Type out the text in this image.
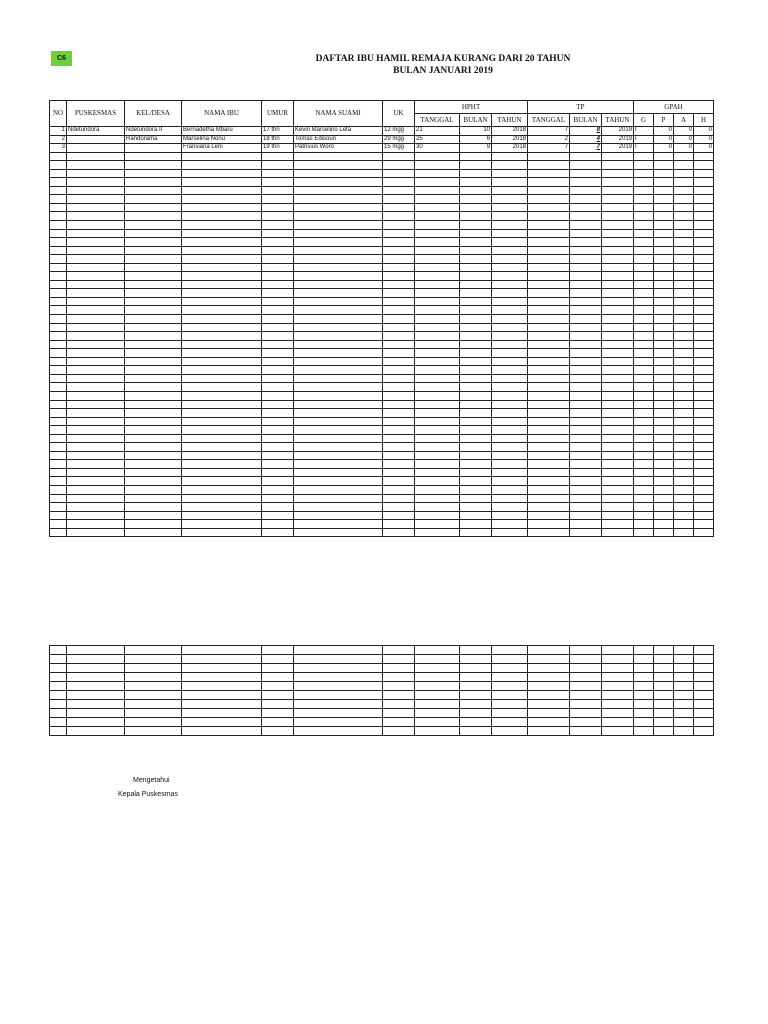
C6	DAFTAR IBU HAMIL REMAJA KURANG DARI 20 TAHUN
BULAN JANUARI 2019
NO	PUSKESMAS	KEL/DESA	NAMA IBU	UMUR	NAMA SUAMI	UK	HPHT			TP			GPAH			
							TANGGAL	BULAN	TAHUN	TANGGAL	BULAN	TAHUN	G	P	A	H
1	Ndetundora	Ndetundora II	Bernadetha Mbaru	17 thn	Kevin Marselino Leta	12 mgg	21	10	2018	7	8	2019	I	0	0	0
2		Randorama	Marselina Nonu	18 thn	Tomas Edisoun	29 mgg	25	6	2018	2	4	2019	I	0	0	0
3			Fransiana Leni	19 thn	Patrisius Woro	15 mgg	30	9	2018	7	7	2019	I	0	0	0

Mengetahui
Kepala Puskesmas
